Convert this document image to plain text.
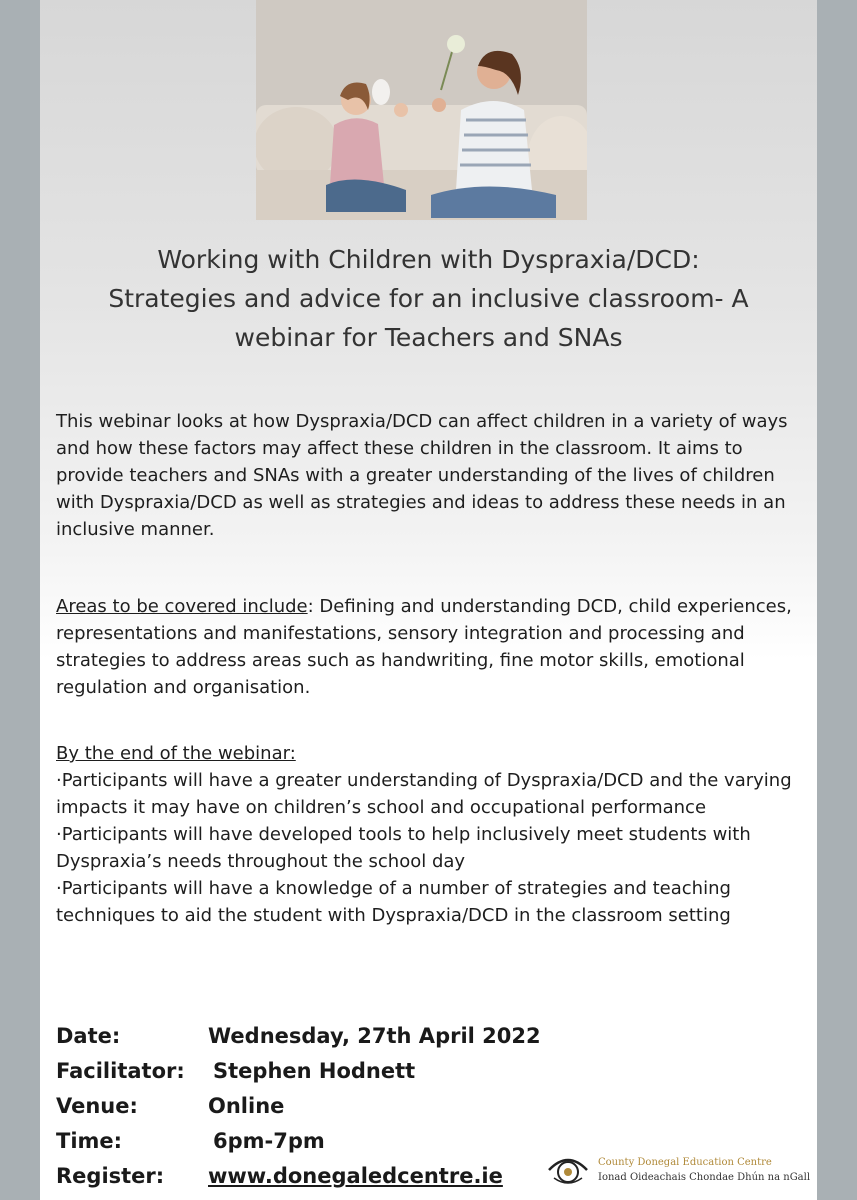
Working with Children with Dyspraxia/DCD:
Strategies and advice for an inclusive classroom- A
webinar for Teachers and SNAs

This webinar looks at how Dyspraxia/DCD can affect children in a variety of ways and how these factors may affect these children in the classroom. It aims to provide teachers and SNAs with a greater understanding of the lives of children with Dyspraxia/DCD as well as strategies and ideas to address these needs in an inclusive manner.

Areas to be covered include: Defining and understanding DCD, child experiences, representations and manifestations, sensory integration and processing and strategies to address areas such as handwriting, fine motor skills, emotional regulation and organisation.

By the end of the webinar:
·Participants will have a greater understanding of Dyspraxia/DCD and the varying impacts it may have on children’s school and occupational performance
·Participants will have developed tools to help inclusively meet students with Dyspraxia’s needs throughout the school day
·Participants will have a knowledge of a number of strategies and teaching techniques to aid the student with Dyspraxia/DCD in the classroom setting
Date:	Wednesday, 27th April 2022
Facilitator: Stephen Hodnett
Venue:	Online
Time:	6pm-7pm
Register: www.donegaledcentre.ie
County Donegal Education Centre
Ionad Oideachais Chondae Dhún na nGall
